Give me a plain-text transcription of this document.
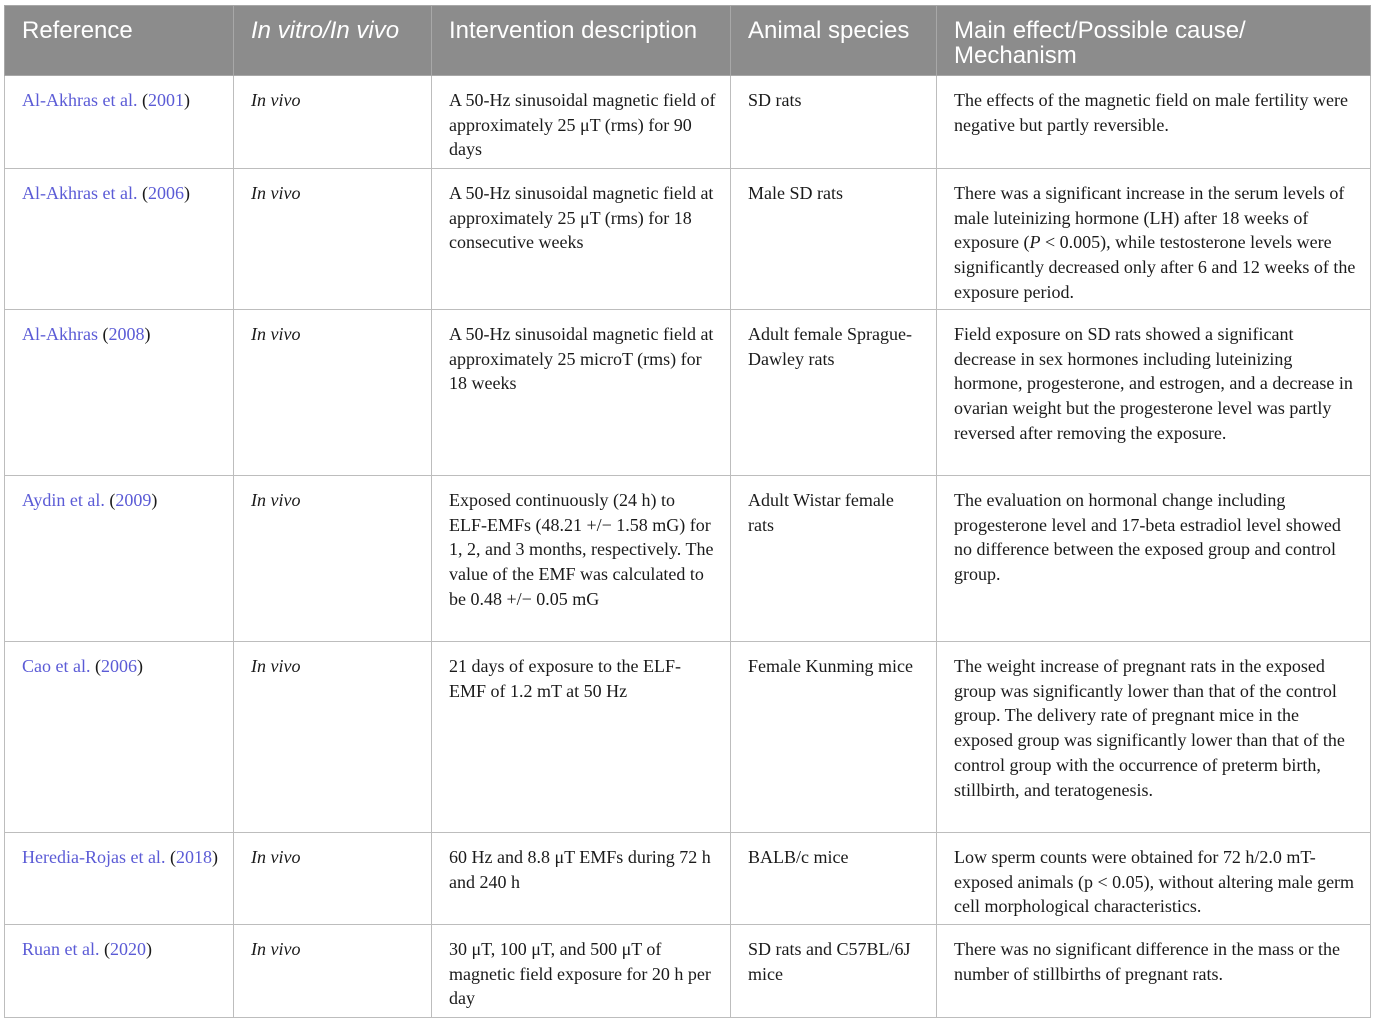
Reference	In vitro/In vivo	Intervention description	Animal species	Main effect/Possible cause/ Mechanism
Al-Akhras et al. (2001)	In vivo	A 50-Hz sinusoidal magnetic field of approximately 25 μT (rms) for 90 days	SD rats	The effects of the magnetic field on male fertility were negative but partly reversible.
Al-Akhras et al. (2006)	In vivo	A 50-Hz sinusoidal magnetic field at approximately 25 μT (rms) for 18 consecutive weeks	Male SD rats	There was a significant increase in the serum levels of male luteinizing hormone (LH) after 18 weeks of exposure (P < 0.005), while testosterone levels were significantly decreased only after 6 and 12 weeks of the exposure period.
Al-Akhras (2008)	In vivo	A 50-Hz sinusoidal magnetic field at approximately 25 microT (rms) for 18 weeks	Adult female Sprague-Dawley rats	Field exposure on SD rats showed a significant decrease in sex hormones including luteinizing hormone, progesterone, and estrogen, and a decrease in ovarian weight but the progesterone level was partly reversed after removing the exposure.
Aydin et al. (2009)	In vivo	Exposed continuously (24 h) to ELF-EMFs (48.21 +/− 1.58 mG) for 1, 2, and 3 months, respectively. The value of the EMF was calculated to be 0.48 +/− 0.05 mG	Adult Wistar female rats	The evaluation on hormonal change including progesterone level and 17-beta estradiol level showed no difference between the exposed group and control group.
Cao et al. (2006)	In vivo	21 days of exposure to the ELF-EMF of 1.2 mT at 50 Hz	Female Kunming mice	The weight increase of pregnant rats in the exposed group was significantly lower than that of the control group. The delivery rate of pregnant mice in the exposed group was significantly lower than that of the control group with the occurrence of preterm birth, stillbirth, and teratogenesis.
Heredia-Rojas et al. (2018)	In vivo	60 Hz and 8.8 μT EMFs during 72 h and 240 h	BALB/c mice	Low sperm counts were obtained for 72 h/2.0 mT-exposed animals (p < 0.05), without altering male germ cell morphological characteristics.
Ruan et al. (2020)	In vivo	30 μT, 100 μT, and 500 μT of magnetic field exposure for 20 h per day	SD rats and C57BL/6J mice	There was no significant difference in the mass or the number of stillbirths of pregnant rats.
